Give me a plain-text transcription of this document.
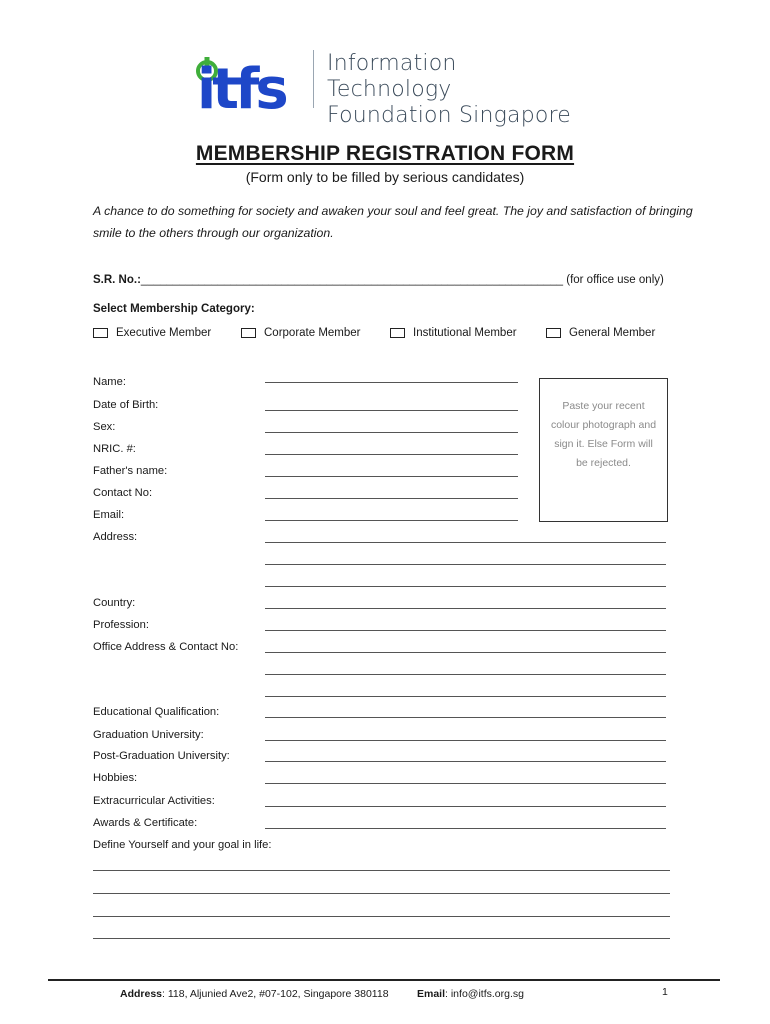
itfs Information Technology
Foundation Singapore
MEMBERSHIP REGISTRATION FORM
(Form only to be filled by serious candidates)
A chance to do something for society and awaken your soul and feel great. The joy and satisfaction of bringing smile to the others through our organization.
S.R. No.:__________________________________________________________________ (for office use only)
Select Membership Category:
Executive Member	Corporate Member	Institutional Member	General Member
Name:
Date of Birth:
Sex:
NRIC. #:
Father's name:
Contact No:
Email:
Paste your recent colour photograph and sign it. Else Form will be rejected.
Address:
Country:
Profession:
Office Address & Contact No:
Educational Qualification:
Graduation University:
Post-Graduation University:
Hobbies:
Extracurricular Activities:
Awards & Certificate:
Define Yourself and your goal in life:
Address: 118, Aljunied Ave2, #07-102, Singapore 380118	Email: info@itfs.org.sg	1
